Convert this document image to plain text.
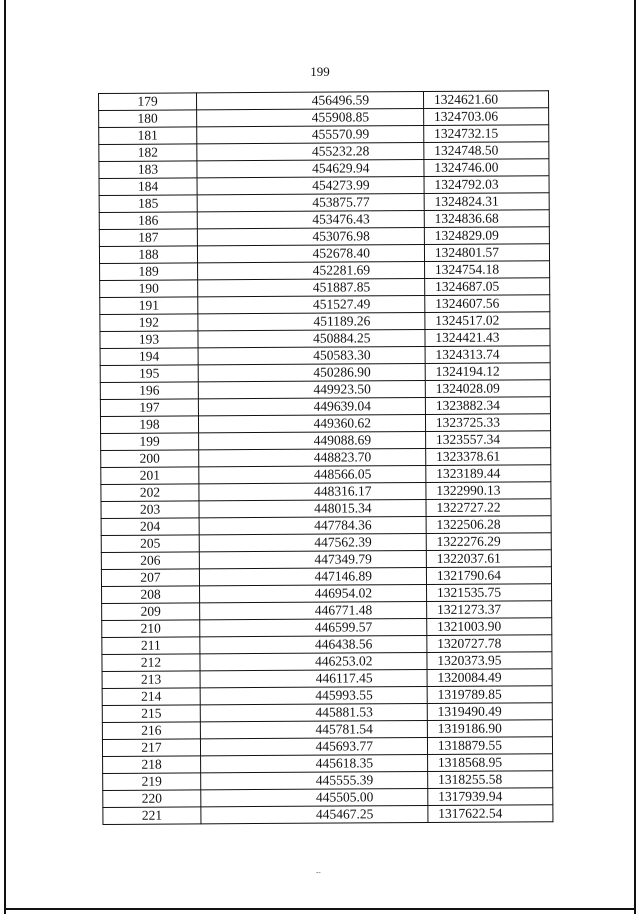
199
179	456496.59	1324621.60
180	455908.85	1324703.06
181	455570.99	1324732.15
182	455232.28	1324748.50
183	454629.94	1324746.00
184	454273.99	1324792.03
185	453875.77	1324824.31
186	453476.43	1324836.68
187	453076.98	1324829.09
188	452678.40	1324801.57
189	452281.69	1324754.18
190	451887.85	1324687.05
191	451527.49	1324607.56
192	451189.26	1324517.02
193	450884.25	1324421.43
194	450583.30	1324313.74
195	450286.90	1324194.12
196	449923.50	1324028.09
197	449639.04	1323882.34
198	449360.62	1323725.33
199	449088.69	1323557.34
200	448823.70	1323378.61
201	448566.05	1323189.44
202	448316.17	1322990.13
203	448015.34	1322727.22
204	447784.36	1322506.28
205	447562.39	1322276.29
206	447349.79	1322037.61
207	447146.89	1321790.64
208	446954.02	1321535.75
209	446771.48	1321273.37
210	446599.57	1321003.90
211	446438.56	1320727.78
212	446253.02	1320373.95
213	446117.45	1320084.49
214	445993.55	1319789.85
215	445881.53	1319490.49
216	445781.54	1319186.90
217	445693.77	1318879.55
218	445618.35	1318568.95
219	445555.39	1318255.58
220	445505.00	1317939.94
221	445467.25	1317622.54
--
